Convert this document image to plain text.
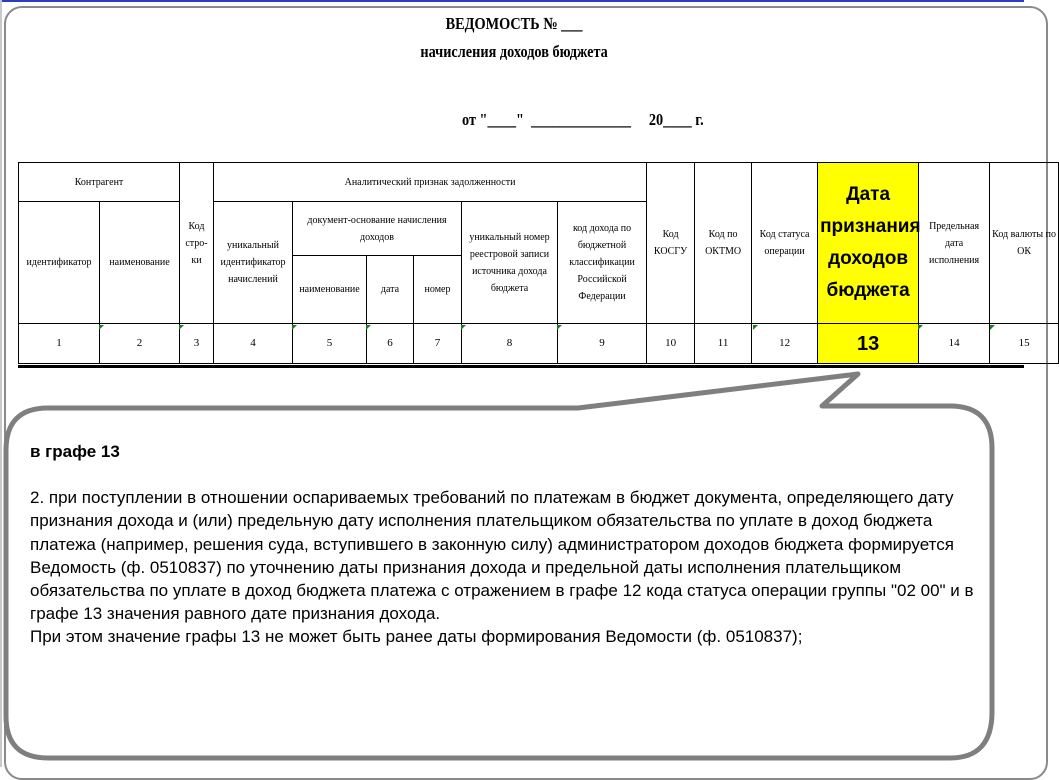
ВЕДОМОСТЬ № ___
начисления доходов бюджета
от "____"  ______________     20____ г.
Контрагент		Код стро-ки	Аналитический признак задолженности						Код КОСГУ	Код по ОКТМО	Код статуса операции	Дата признания доходов бюджета	Предельная дата исполнения	Код валюты по ОК
идентификатор	наименование		уникальный идентификатор начислений	документ-основание начисления доходов			уникальный номер реестровой записи источника дохода бюджета	код дохода по бюджетной классификации Российской Федерации						
				наименование	дата	номер								
1	2	3	4	5	6	7	8	9	10	11	12	13	14	15

в графе 13

2. при поступлении в отношении оспариваемых требований по платежам в бюджет документа, определяющего дату признания дохода и (или) предельную дату исполнения плательщиком обязательства по уплате в доход бюджета платежа (например, решения суда, вступившего в законную силу) администратором доходов бюджета формируется Ведомость (ф. 0510837) по уточнению даты признания дохода и предельной даты исполнения плательщиком обязательства по уплате в доход бюджета платежа с отражением в графе 12 кода статуса операции группы "02 00" и в графе 13 значения равного дате признания дохода.

При этом значение графы 13 не может быть ранее даты формирования Ведомости (ф. 0510837);
